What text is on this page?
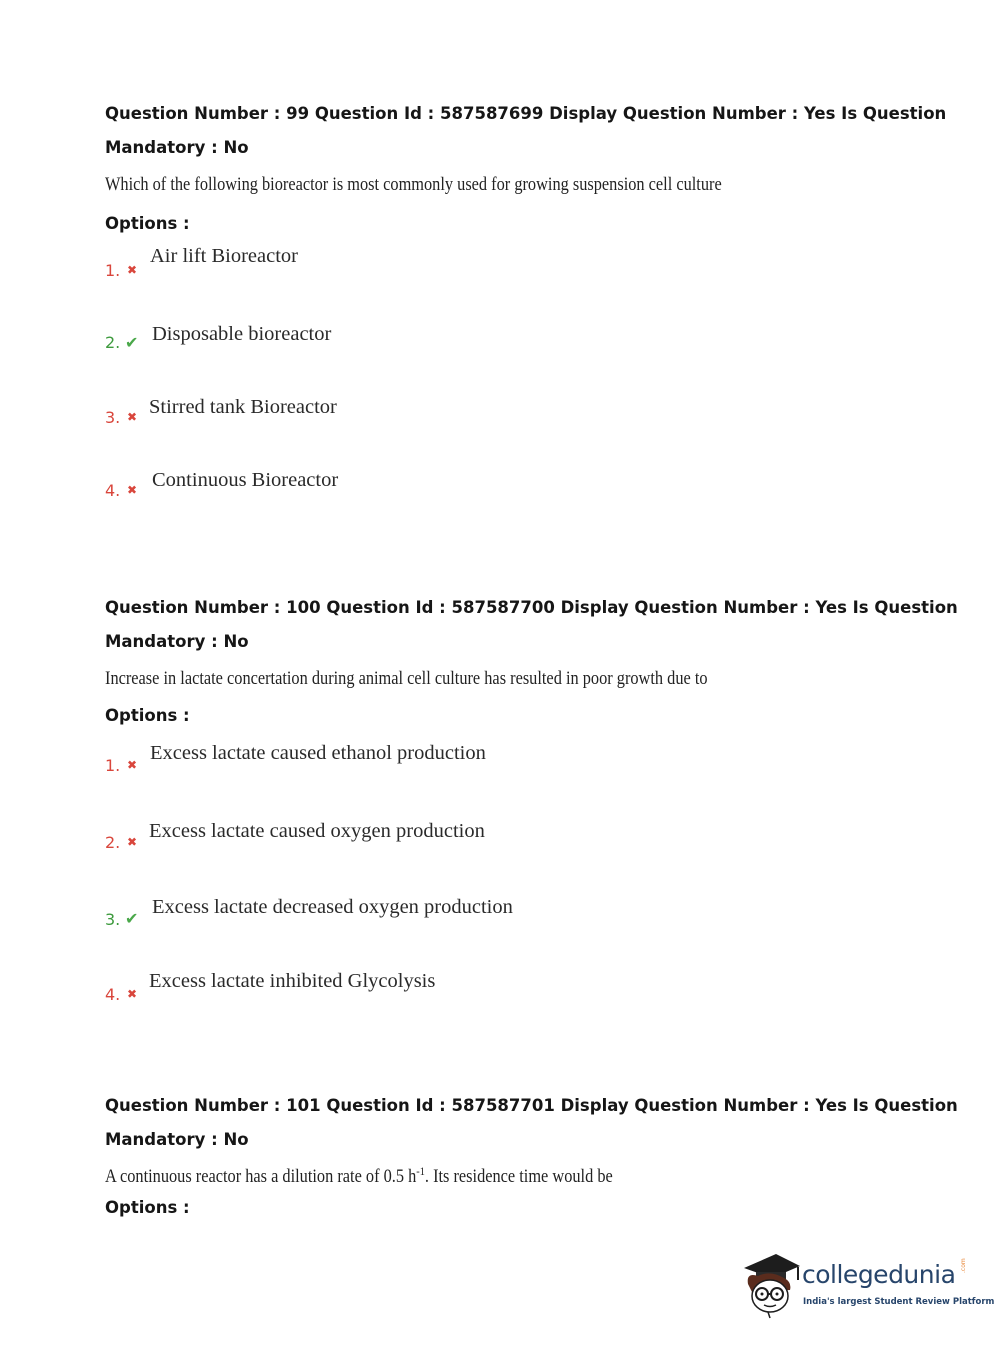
Question Number : 99 Question Id : 587587699 Display Question Number : Yes Is Question
Mandatory : No
Which of the following bioreactor is most commonly used for growing suspension cell culture
Options :
1. ✖
Air lift Bioreactor
2. ✔ Disposable bioreactor
3. ✖ Stirred tank Bioreactor
4. ✖ Continuous Bioreactor
Question Number : 100 Question Id : 587587700 Display Question Number : Yes Is Question
Mandatory : No
Increase in lactate concertation during animal cell culture has resulted in poor growth due to
Options :
1. ✖
Excess lactate caused ethanol production
2. ✖ Excess lactate caused oxygen production
3. ✔
Excess lactate decreased oxygen production
4. ✖
Excess lactate inhibited Glycolysis
Question Number : 101 Question Id : 587587701 Display Question Number : Yes Is Question
Mandatory : No
A continuous reactor has a dilution rate of 0.5 $h^{-1}$. Its residence time would be
Options :
collegedunia .com
India's largest Student Review Platform
